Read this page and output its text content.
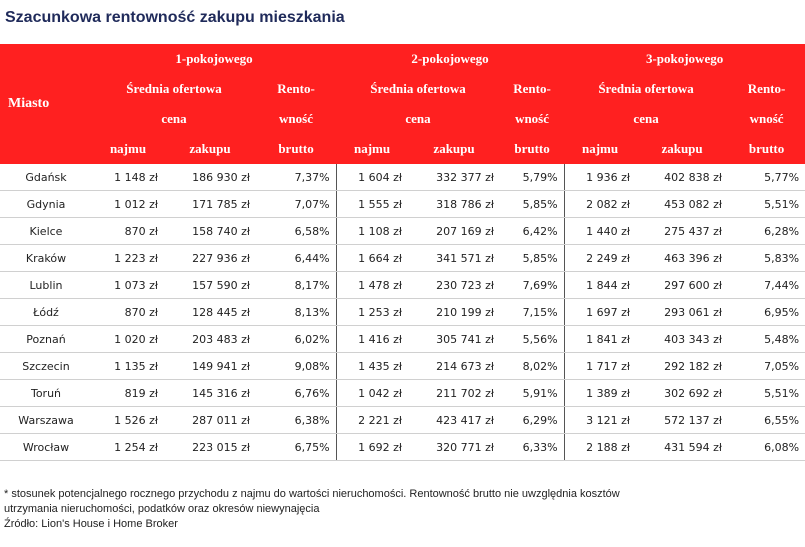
Szacunkowa rentowność zakupu mieszkania
Miasto	1-pokojowego			2-pokojowego			3-pokojowego		
	Średnia ofertowa		Rento-	Średnia ofertowa		Rento-	Średnia ofertowa		Rento-
	cena		wność	cena		wność	cena		wność
	najmu	zakupu	brutto	najmu	zakupu	brutto	najmu	zakupu	brutto
Gdańsk	1 148 zł	186 930 zł	7,37%	1 604 zł	332 377 zł	5,79%	1 936 zł	402 838 zł	5,77%
Gdynia	1 012 zł	171 785 zł	7,07%	1 555 zł	318 786 zł	5,85%	2 082 zł	453 082 zł	5,51%
Kielce	870 zł	158 740 zł	6,58%	1 108 zł	207 169 zł	6,42%	1 440 zł	275 437 zł	6,28%
Kraków	1 223 zł	227 936 zł	6,44%	1 664 zł	341 571 zł	5,85%	2 249 zł	463 396 zł	5,83%
Lublin	1 073 zł	157 590 zł	8,17%	1 478 zł	230 723 zł	7,69%	1 844 zł	297 600 zł	7,44%
Łódź	870 zł	128 445 zł	8,13%	1 253 zł	210 199 zł	7,15%	1 697 zł	293 061 zł	6,95%
Poznań	1 020 zł	203 483 zł	6,02%	1 416 zł	305 741 zł	5,56%	1 841 zł	403 343 zł	5,48%
Szczecin	1 135 zł	149 941 zł	9,08%	1 435 zł	214 673 zł	8,02%	1 717 zł	292 182 zł	7,05%
Toruń	819 zł	145 316 zł	6,76%	1 042 zł	211 702 zł	5,91%	1 389 zł	302 692 zł	5,51%
Warszawa	1 526 zł	287 011 zł	6,38%	2 221 zł	423 417 zł	6,29%	3 121 zł	572 137 zł	6,55%
Wrocław	1 254 zł	223 015 zł	6,75%	1 692 zł	320 771 zł	6,33%	2 188 zł	431 594 zł	6,08%
* stosunek potencjalnego rocznego przychodu z najmu do wartości nieruchomości. Rentowność brutto nie uwzględnia kosztów
utrzymania nieruchomości, podatków oraz okresów niewynajęcia
Źródło: Lion's House i Home Broker
